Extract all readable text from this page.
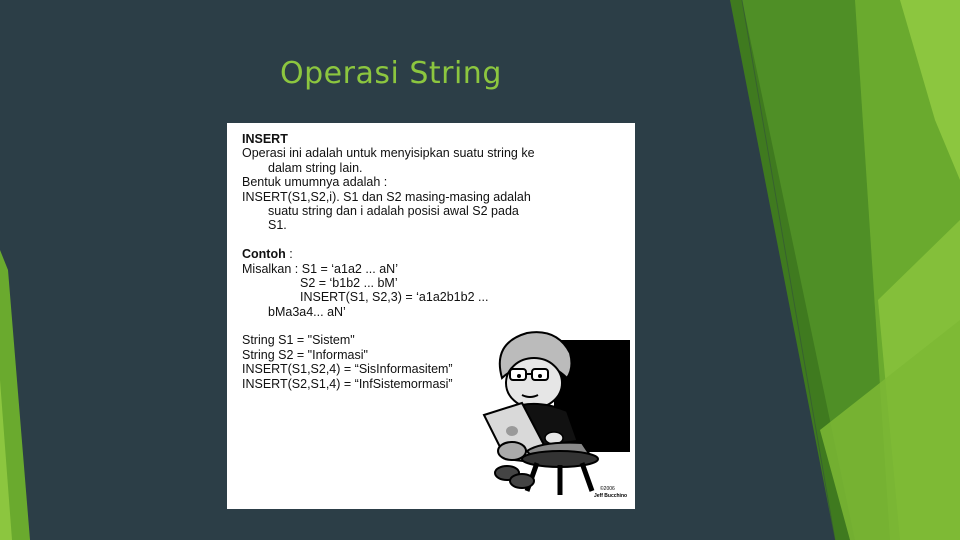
Operasi String
INSERT
Operasi ini adalah untuk menyisipkan suatu string ke
dalam string lain.
Bentuk umumnya adalah :
INSERT(S1,S2,i). S1 dan S2 masing-masing adalah
suatu string dan i adalah posisi awal S2 pada
S1.
Contoh :
Misalkan : S1 = ‘a1a2 ... aN’
S2 = ‘b1b2 ... bM’
INSERT(S1, S2,3) = ‘a1a2b1b2 ...
bMa3a4... aN’
String S1 = "Sistem"
String S2 = "Informasi"
INSERT(S1,S2,4) = “SisInformasitem”
INSERT(S2,S1,4) = “InfSistemormasi”
©2006
Jeff Bucchino
